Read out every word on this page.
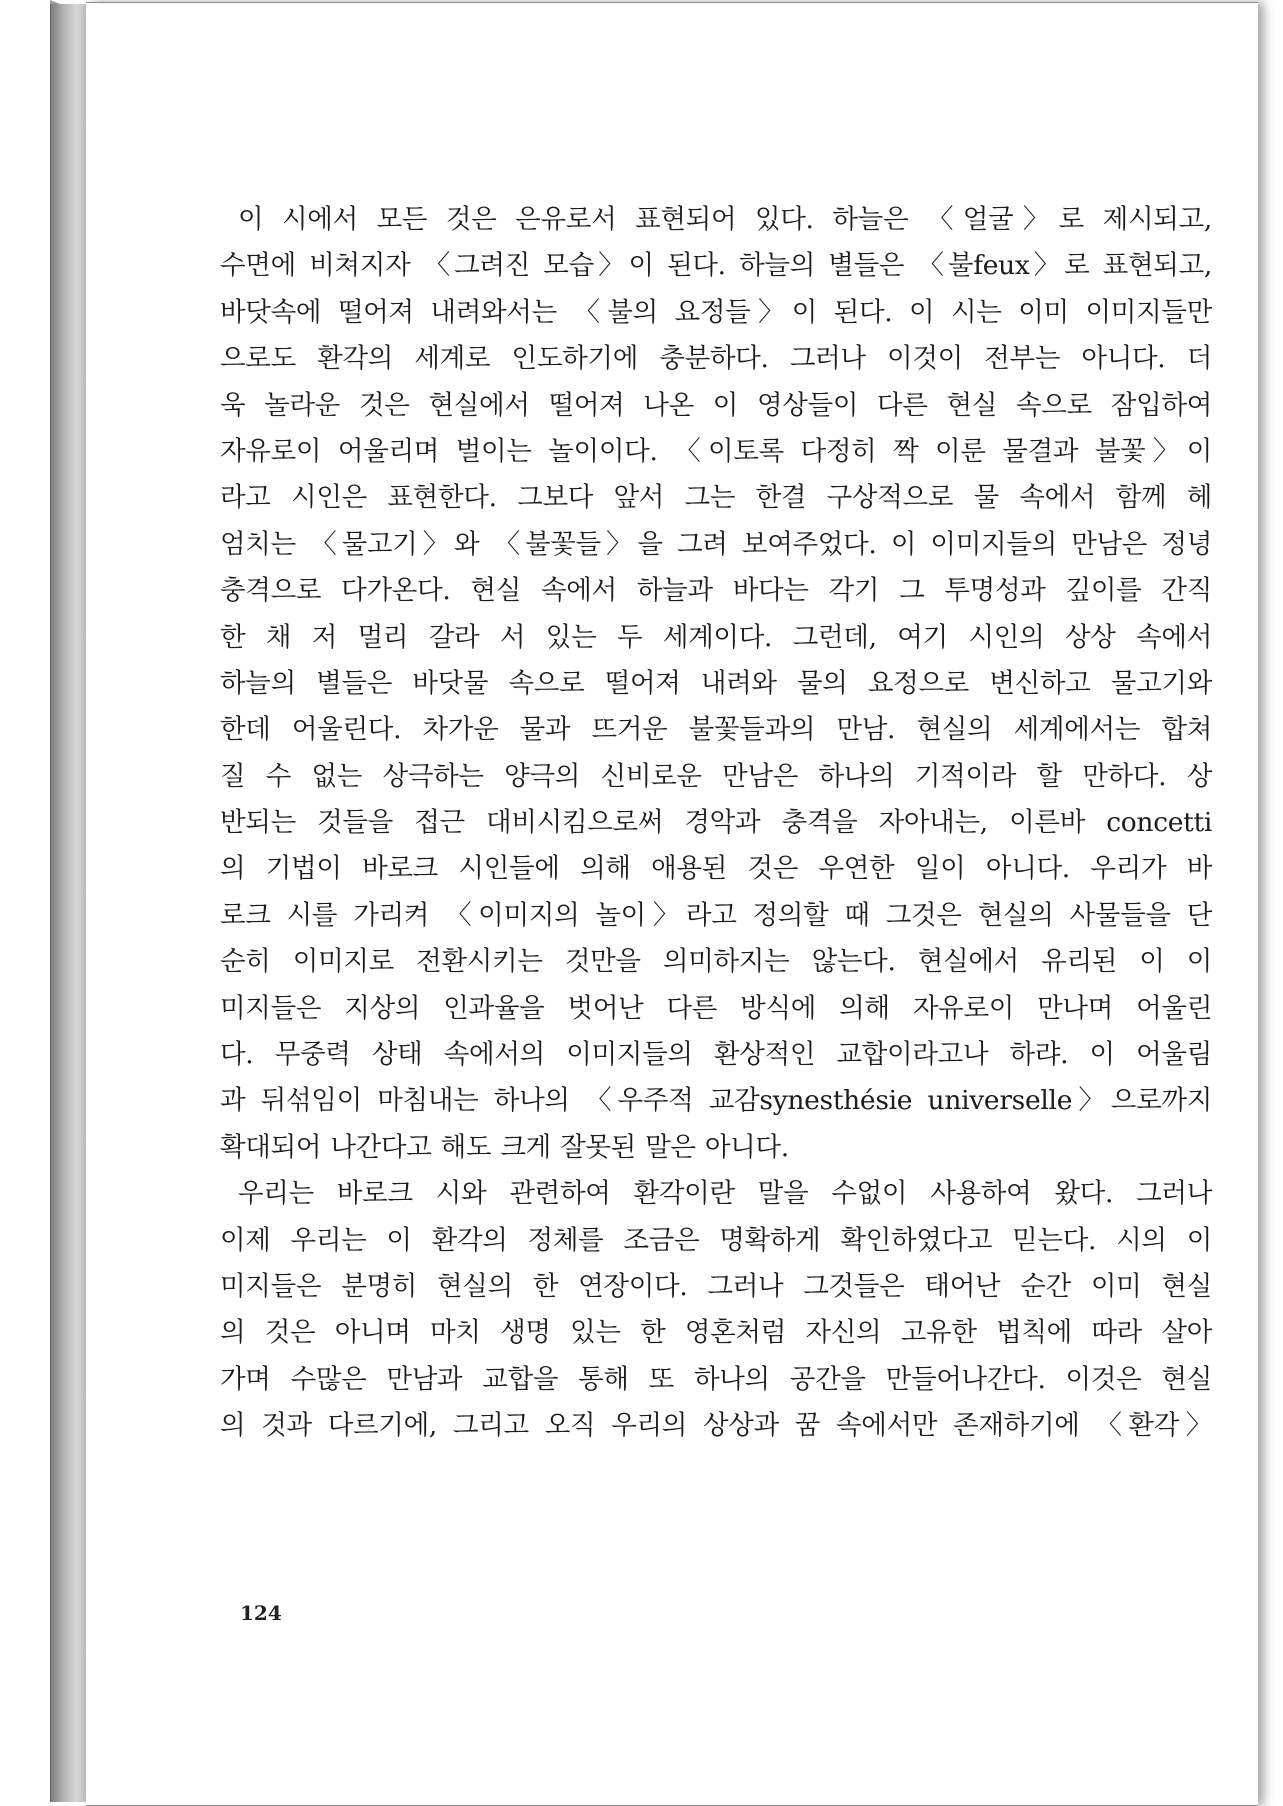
이 시에서 모든 것은 은유로서 표현되어 있다. 하늘은 〈얼굴〉로 제시되고,
수면에 비쳐지자 〈그려진 모습〉이 된다. 하늘의 별들은 〈불feux〉로 표현되고,
바닷속에 떨어져 내려와서는 〈불의 요정들〉이 된다. 이 시는 이미 이미지들만
으로도 환각의 세계로 인도하기에 충분하다. 그러나 이것이 전부는 아니다. 더
욱 놀라운 것은 현실에서 떨어져 나온 이 영상들이 다른 현실 속으로 잠입하여
자유로이 어울리며 벌이는 놀이이다. 〈이토록 다정히 짝 이룬 물결과 불꽃〉이
라고 시인은 표현한다. 그보다 앞서 그는 한결 구상적으로 물 속에서 함께 헤
엄치는 〈물고기〉와 〈불꽃들〉을 그려 보여주었다. 이 이미지들의 만남은 정녕
충격으로 다가온다. 현실 속에서 하늘과 바다는 각기 그 투명성과 깊이를 간직
한 채 저 멀리 갈라 서 있는 두 세계이다. 그런데, 여기 시인의 상상 속에서
하늘의 별들은 바닷물 속으로 떨어져 내려와 물의 요정으로 변신하고 물고기와
한데 어울린다. 차가운 물과 뜨거운 불꽃들과의 만남. 현실의 세계에서는 합쳐
질 수 없는 상극하는 양극의 신비로운 만남은 하나의 기적이라 할 만하다. 상
반되는 것들을 접근 대비시킴으로써 경악과 충격을 자아내는, 이른바 concetti
의 기법이 바로크 시인들에 의해 애용된 것은 우연한 일이 아니다. 우리가 바
로크 시를 가리켜 〈이미지의 놀이〉라고 정의할 때 그것은 현실의 사물들을 단
순히 이미지로 전환시키는 것만을 의미하지는 않는다. 현실에서 유리된 이 이
미지들은 지상의 인과율을 벗어난 다른 방식에 의해 자유로이 만나며 어울린
다. 무중력 상태 속에서의 이미지들의 환상적인 교합이라고나 하랴. 이 어울림
과 뒤섞임이 마침내는 하나의 〈우주적 교감synesthésie universelle〉으로까지
확대되어 나간다고 해도 크게 잘못된 말은 아니다.
우리는 바로크 시와 관련하여 환각이란 말을 수없이 사용하여 왔다. 그러나
이제 우리는 이 환각의 정체를 조금은 명확하게 확인하였다고 믿는다. 시의 이
미지들은 분명히 현실의 한 연장이다. 그러나 그것들은 태어난 순간 이미 현실
의 것은 아니며 마치 생명 있는 한 영혼처럼 자신의 고유한 법칙에 따라 살아
가며 수많은 만남과 교합을 통해 또 하나의 공간을 만들어나간다. 이것은 현실
의 것과 다르기에, 그리고 오직 우리의 상상과 꿈 속에서만 존재하기에 〈환각〉
124
